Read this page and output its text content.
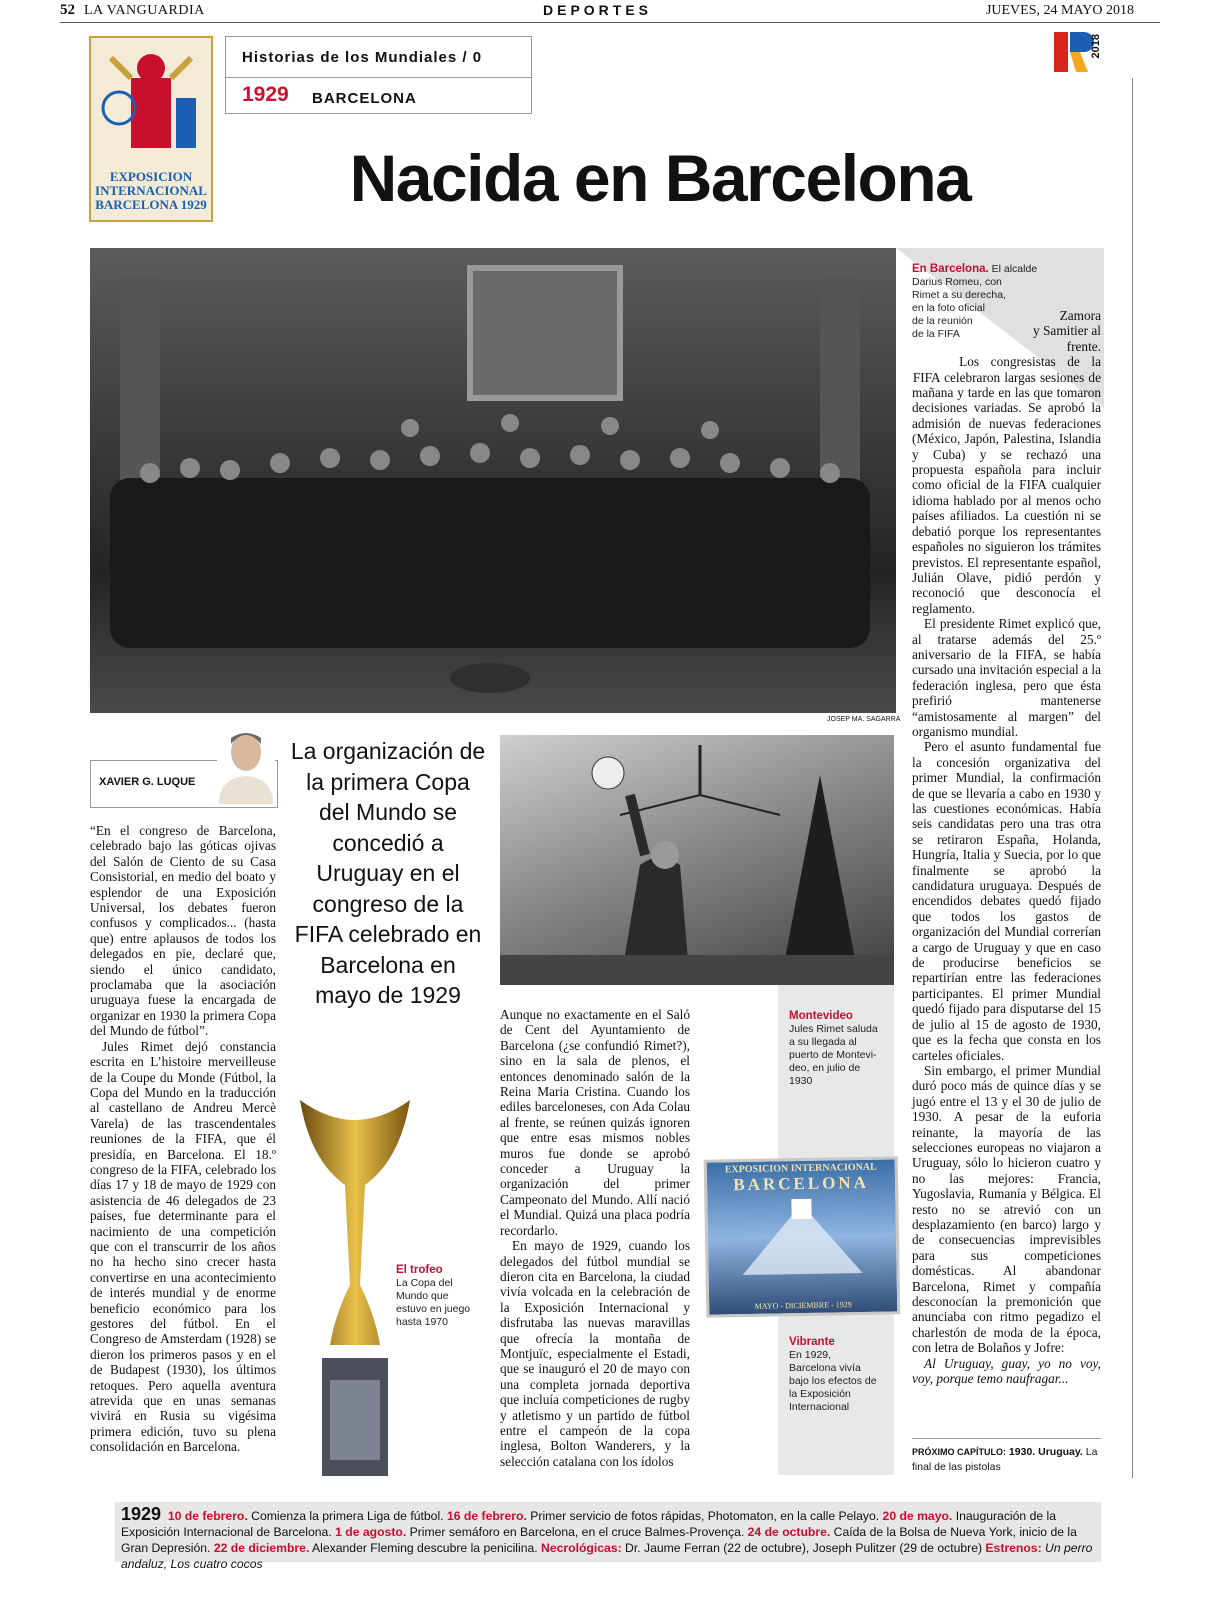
52 LA VANGUARDIA	DEPORTES	JUEVES, 24 MAYO 2018
2018
EXPOSICION
INTERNACIONAL
BARCELONA 1929
Historias de los Mundiales / 0
1929 BARCELONA
Nacida en Barcelona
JOSEP MA. SAGARRA
En Barcelona. El alcalde
Darius Romeu, con
Rimet a su derecha,
en la foto oficial
de la reunión
de la FIFA
XAVIER G. LUQUE

“En el congreso de Barcelona, celebrado bajo las góticas ojivas del Salón de Ciento de su Casa Consistorial, en medio del boato y esplendor de una Exposición Universal, los debates fueron confusos y complicados... (hasta que) entre aplausos de todos los delegados en pie, declaré que, siendo el único candidato, proclamaba que la asociación uruguaya fuese la encargada de organizar en 1930 la primera Copa del Mundo de fútbol”.

Jules Rimet dejó constancia escrita en L’histoire merveilleuse de la Coupe du Monde (Fútbol, la Copa del Mundo en la traducción al castellano de Andreu Mercè Varela) de las trascendentales reuniones de la FIFA, que él presidía, en Barcelona. El 18.º congreso de la FIFA, celebrado los días 17 y 18 de mayo de 1929 con asistencia de 46 delegados de 23 países, fue determinante para el nacimiento de una competición que con el transcurrir de los años no ha hecho sino crecer hasta convertirse en una acontecimiento de interés mundial y de enorme beneficio económico para los gestores del fútbol. En el Congreso de Amsterdam (1928) se dieron los primeros pasos y en el de Budapest (1930), los últimos retoques. Pero aquella aventura atrevida que en unas semanas vivirá en Rusia su vigésima primera edición, tuvo su plena consolidación en Barcelona.

La organización de la primera Copa del Mundo se concedió a Uruguay en el congreso de la FIFA celebrado en Barcelona en mayo de 1929
El trofeo
La Copa del
Mundo que
estuvo en juego
hasta 1970
Montevideo
Jules Rimet saluda
a su llegada al
puerto de Montevi-
deo, en julio de
1930
EXPOSICION INTERNACIONAL
BARCELONA
MAYO - DICIEMBRE - 1929
Vibrante
En 1929,
Barcelona vivía
bajo los efectos de
la Exposición
Internacional

Aunque no exactamente en el Saló de Cent del Ayuntamiento de Barcelona (¿se confundió Rimet?), sino en la sala de plenos, el entonces denominado salón de la Reina Maria Cristina. Cuando los ediles barceloneses, con Ada Colau al frente, se reúnen quizás ignoren que entre esas mismos nobles muros fue donde se aprobó conceder a Uruguay la organización del primer Campeonato del Mundo. Allí nació el Mundial. Quizá una placa podría recordarlo.

En mayo de 1929, cuando los delegados del fútbol mundial se dieron cita en Barcelona, la ciudad vivía volcada en la celebración de la Exposición Internacional y disfrutaba las nuevas maravillas que ofrecía la montaña de Montjuïc, especialmente el Estadi, que se inauguró el 20 de mayo con una completa jornada deportiva que incluía competiciones de rugby y atletismo y un partido de fútbol entre el campeón de la copa inglesa, Bolton Wanderers, y la selección catalana con los ídolos

Zamora y Samitier al frente.

Los congresistas de la FIFA celebraron largas sesiones de mañana y tarde en las que tomaron decisiones variadas. Se aprobó la admisión de nuevas federaciones (México, Japón, Palestina, Islandia y Cuba) y se rechazó una propuesta española para incluir como oficial de la FIFA cualquier idioma hablado por al menos ocho países afiliados. La cuestión ni se debatió porque los representantes españoles no siguieron los trámites previstos. El representante español, Julián Olave, pidió perdón y reconoció que desconocía el reglamento.

El presidente Rimet explicó que, al tratarse además del 25.º aniversario de la FIFA, se había cursado una invitación especial a la federación inglesa, pero que ésta prefirió mantenerse “amistosamente al margen” del organismo mundial.

Pero el asunto fundamental fue la concesión organizativa del primer Mundial, la confirmación de que se llevaría a cabo en 1930 y las cuestiones económicas. Había seis candidatas pero una tras otra se retiraron España, Holanda, Hungría, Italia y Suecia, por lo que finalmente se aprobó la candidatura uruguaya. Después de encendidos debates quedó fijado que todos los gastos de organización del Mundial correrían a cargo de Uruguay y que en caso de producirse beneficios se repartirían entre las federaciones participantes. El primer Mundial quedó fijado para disputarse del 15 de julio al 15 de agosto de 1930, que es la fecha que consta en los carteles oficiales.

Sin embargo, el primer Mundial duró poco más de quince días y se jugó entre el 13 y el 30 de julio de 1930. A pesar de la euforia reinante, la mayoría de las selecciones europeas no viajaron a Uruguay, sólo lo hicieron cuatro y no las mejores: Francia, Yugoslavia, Rumanía y Bélgica. El resto no se atrevió con un desplazamiento (en barco) largo y de consecuencias imprevisibles para sus competiciones domésticas. Al abandonar Barcelona, Rimet y compañía desconocían la premonición que anunciaba con ritmo pegadizo el charlestón de moda de la época, con letra de Bolaños y Jofre:

Al Uruguay, guay, yo no voy, voy, porque temo naufragar...

PRÓXIMO CAPÍTULO: 1930. Uruguay. La final de las pistolas
1929 10 de febrero. Comienza la primera Liga de fútbol. 16 de febrero. Primer servicio de fotos rápidas, Photomaton, en la calle Pelayo. 20 de mayo. Inauguración de la Exposición Internacional de Barcelona. 1 de agosto. Primer semáforo en Barcelona, en el cruce Balmes-Provença. 24 de octubre. Caída de la Bolsa de Nueva York, inicio de la Gran Depresión. 22 de diciembre. Alexander Fleming descubre la penicilina. Necrológicas: Dr. Jaume Ferran (22 de octubre), Joseph Pulitzer (29 de octubre) Estrenos: Un perro andaluz, Los cuatro cocos
